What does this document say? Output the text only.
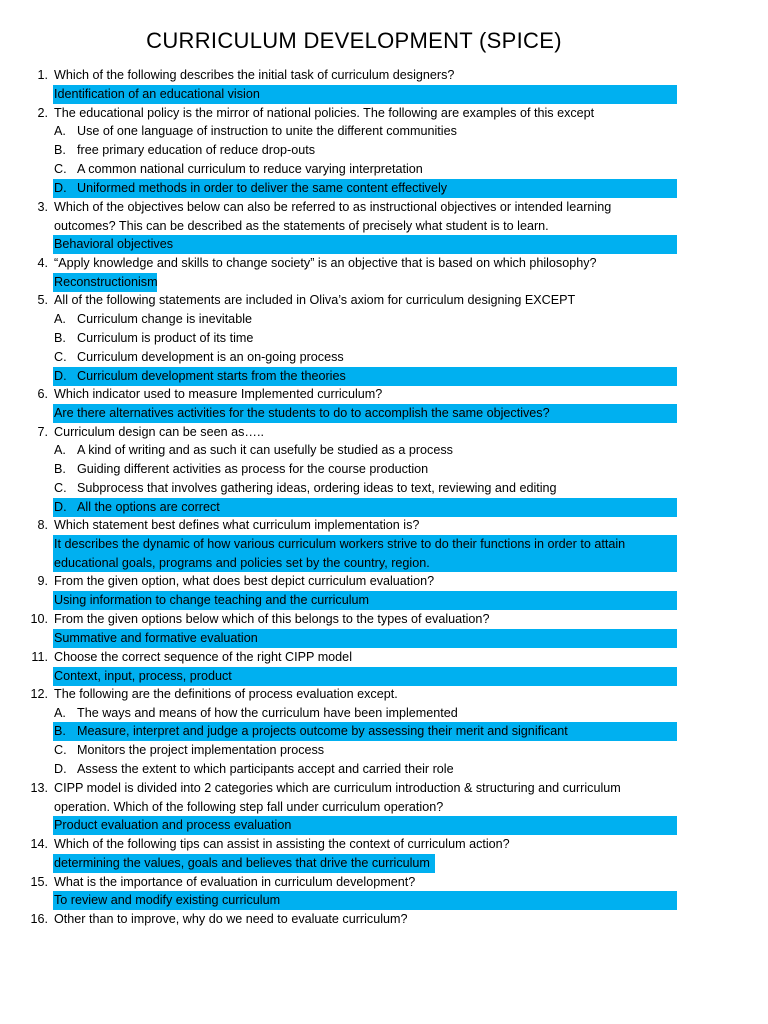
CURRICULUM DEVELOPMENT (SPICE)
1. Which of the following describes the initial task of curriculum designers?
Identification of an educational vision
2. The educational policy is the mirror of national policies. The following are examples of this except
A. Use of one language of instruction to unite the different communities
B. free primary education of reduce drop-outs
C. A common national curriculum to reduce varying interpretation
D. Uniformed methods in order to deliver the same content effectively
3. Which of the objectives below can also be referred to as instructional objectives or intended learning
outcomes? This can be described as the statements of precisely what student is to learn.
Behavioral objectives
4. “Apply knowledge and skills to change society” is an objective that is based on which philosophy?
Reconstructionism
5. All of the following statements are included in Oliva’s axiom for curriculum designing EXCEPT
A. Curriculum change is inevitable
B. Curriculum is product of its time
C. Curriculum development is an on-going process
D. Curriculum development starts from the theories
6. Which indicator used to measure Implemented curriculum?
Are there alternatives activities for the students to do to accomplish the same objectives?
7. Curriculum design can be seen as…..
A. A kind of writing and as such it can usefully be studied as a process
B. Guiding different activities as process for the course production
C. Subprocess that involves gathering ideas, ordering ideas to text, reviewing and editing
D. All the options are correct
8. Which statement best defines what curriculum implementation is?
It describes the dynamic of how various curriculum workers strive to do their functions in order to attain
educational goals, programs and policies set by the country, region.
9. From the given option, what does best depict curriculum evaluation?
Using information to change teaching and the curriculum
10. From the given options below which of this belongs to the types of evaluation?
Summative and formative evaluation
11. Choose the correct sequence of the right CIPP model
Context, input, process, product
12. The following are the definitions of process evaluation except.
A. The ways and means of how the curriculum have been implemented
B. Measure, interpret and judge a projects outcome by assessing their merit and significant
C. Monitors the project implementation process
D. Assess the extent to which participants accept and carried their role
13. CIPP model is divided into 2 categories which are curriculum introduction & structuring and curriculum
operation. Which of the following step fall under curriculum operation?
Product evaluation and process evaluation
14. Which of the following tips can assist in assisting the context of curriculum action?
determining the values, goals and believes that drive the curriculum
15. What is the importance of evaluation in curriculum development?
To review and modify existing curriculum
16. Other than to improve, why do we need to evaluate curriculum?
